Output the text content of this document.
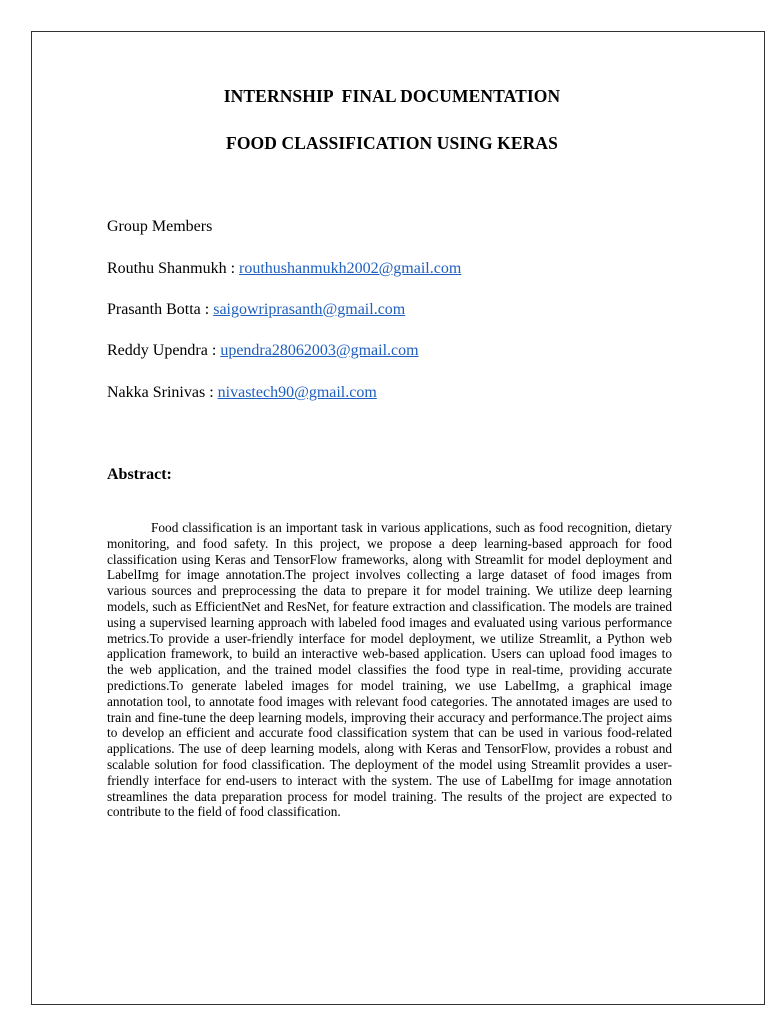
INTERNSHIP  FINAL DOCUMENTATION
FOOD CLASSIFICATION USING KERAS
Group Members
Routhu Shanmukh : routhushanmukh2002@gmail.com
Prasanth Botta : saigowriprasanth@gmail.com
Reddy Upendra : upendra28062003@gmail.com
Nakka Srinivas : nivastech90@gmail.com
Abstract:

Food classification is an important task in various applications, such as food recognition, dietary monitoring, and food safety. In this project, we propose a deep learning-based approach for food classification using Keras and TensorFlow frameworks, along with Streamlit for model deployment and LabelImg for image annotation.The project involves collecting a large dataset of food images from various sources and preprocessing the data to prepare it for model training. We utilize deep learning models, such as EfficientNet and ResNet, for feature extraction and classification. The models are trained using a supervised learning approach with labeled food images and evaluated using various performance metrics.To provide a user-friendly interface for model deployment, we utilize Streamlit, a Python web application framework, to build an interactive web-based application. Users can upload food images to the web application, and the trained model classifies the food type in real-time, providing accurate predictions.To generate labeled images for model training, we use LabelImg, a graphical image annotation tool, to annotate food images with relevant food categories. The annotated images are used to train and fine-tune the deep learning models, improving their accuracy and performance.The project aims to develop an efficient and accurate food classification system that can be used in various food-related applications. The use of deep learning models, along with Keras and TensorFlow, provides a robust and scalable solution for food classification. The deployment of the model using Streamlit provides a user-friendly interface for end-users to interact with the system. The use of LabelImg for image annotation streamlines the data preparation process for model training. The results of the project are expected to contribute to the field of food classification.
